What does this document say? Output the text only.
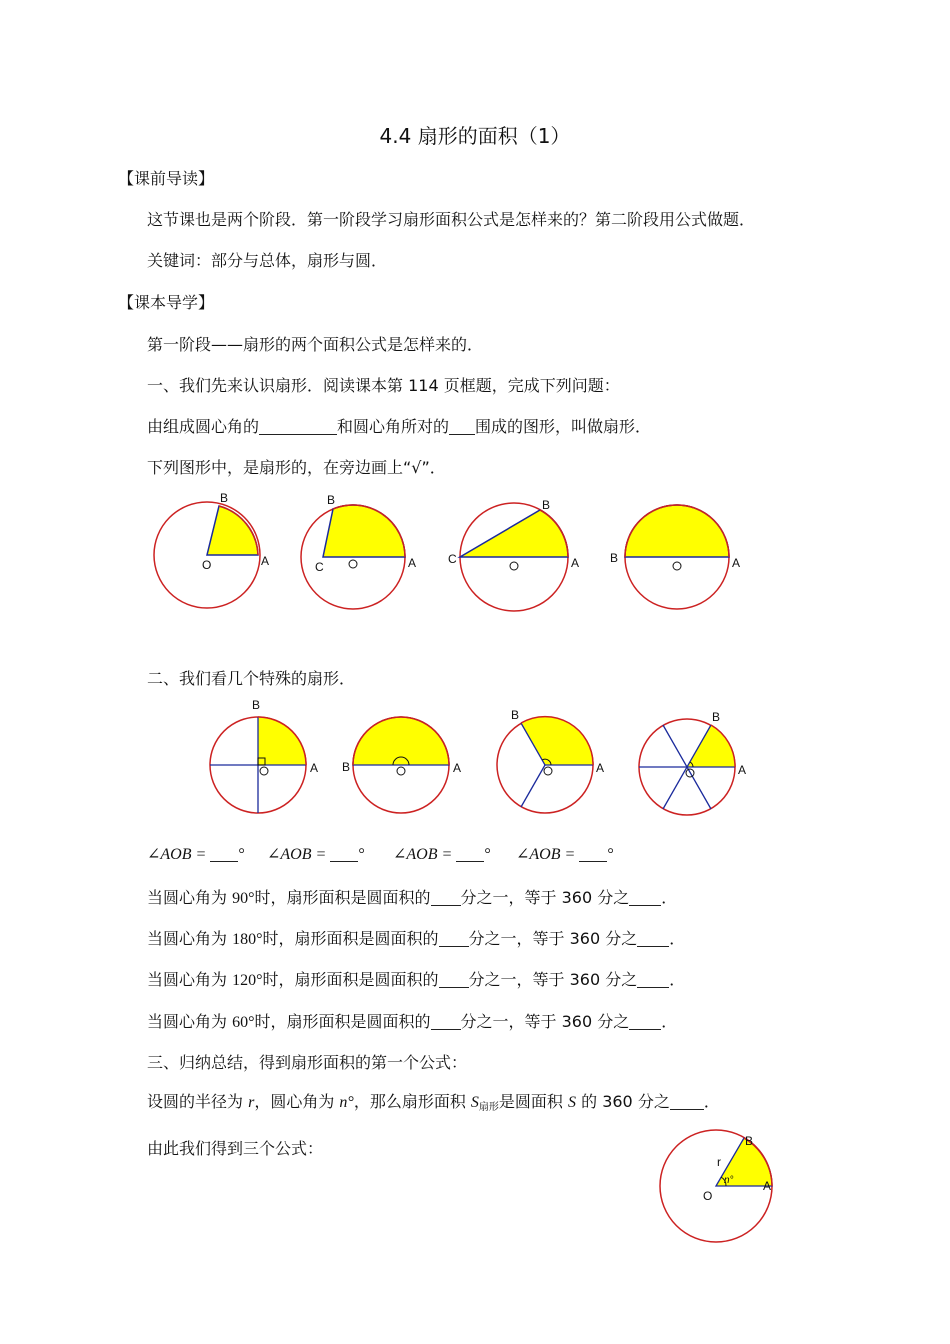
4.4 扇形的面积（1）
【课前导读】
这节课也是两个阶段．第一阶段学习扇形面积公式是怎样来的？第二阶段用公式做题．
关键词：部分与总体，扇形与圆．
【课本导学】
第一阶段——扇形的两个面积公式是怎样来的．
一、我们先来认识扇形．阅读课本第 114 页框题，完成下列问题：
由组成圆心角的	和圆心角所对的 围成的图形，叫做扇形．
下列图形中，是扇形的，在旁边画上“√”．
B
A
O
B
A
C
B
A
C	B	A
二、我们看几个特殊的扇形．
B
A B	A
B
A
B
A
∠AOB = ° ∠AOB = ° ∠AOB = ° ∠AOB = °
当圆心角为 90°时，扇形面积是圆面积的 分之一，等于 360 分之 ．
当圆心角为 180°时，扇形面积是圆面积的 分之一，等于 360 分之 ．
当圆心角为 120°时，扇形面积是圆面积的 分之一，等于 360 分之 ．
当圆心角为 60°时，扇形面积是圆面积的 分之一，等于 360 分之 ．
三、归纳总结，得到扇形面积的第一个公式：
设圆的半径为 r，圆心角为 n°，那么扇形面积 $S_{扇形}$是圆面积 S 的 360 分之 ．
由此我们得到三个公式：	B
A
O
r
n°
